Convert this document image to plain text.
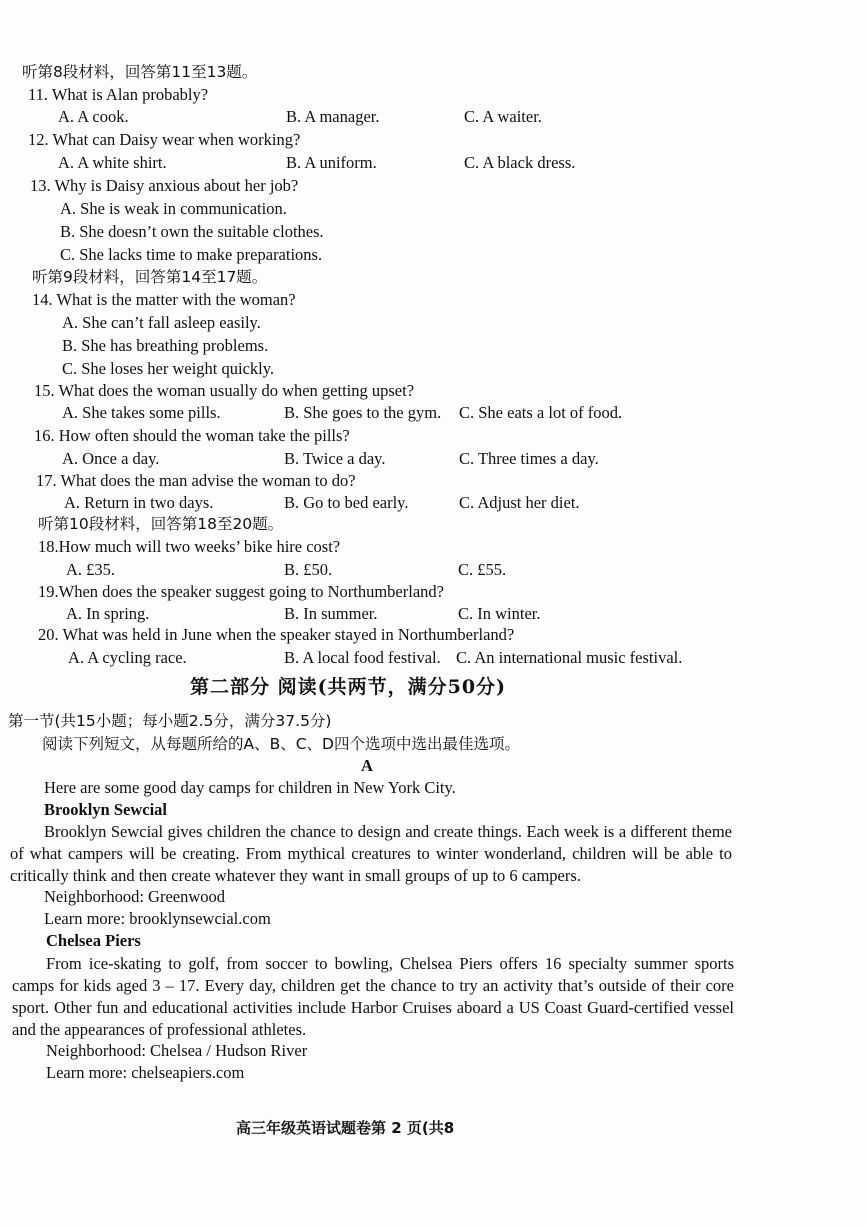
听第8段材料，回答第11至13题。
11. What is Alan probably?
A. A cook.	B. A manager.	C. A waiter.
12. What can Daisy wear when working?
A. A white shirt.	B. A uniform.	C. A black dress.
13. Why is Daisy anxious about her job?
A. She is weak in communication.
B. She doesn’t own the suitable clothes.
C. She lacks time to make preparations.
听第9段材料，回答第14至17题。
14. What is the matter with the woman?
A. She can’t fall asleep easily.
B. She has breathing problems.
C. She loses her weight quickly.
15. What does the woman usually do when getting upset?
A. She takes some pills.	B. She goes to the gym. C. She eats a lot of food.
16. How often should the woman take the pills?
A. Once a day.	B. Twice a day.	C. Three times a day.
17. What does the man advise the woman to do?
A. Return in two days.	B. Go to bed early.	C. Adjust her diet.
听第10段材料，回答第18至20题。
18.How much will two weeks’ bike hire cost?
A. £35.	B. £50.	C. £55.
19.When does the speaker suggest going to Northumberland?
A. In spring.	B. In summer.	C. In winter.
20. What was held in June when the speaker stayed in Northumberland?
A. A cycling race.	B. A local food festival. C. An international music festival.
第二部分 阅读(共两节，满分50分)
第一节(共15小题；每小题2.5分，满分37.5分)
阅读下列短文，从每题所给的A、B、C、D四个选项中选出最佳选项。
A
Here are some good day camps for children in New York City.
Brooklyn Sewcial
Brooklyn Sewcial gives children the chance to design and create things. Each week is a different theme of what campers will be creating. From mythical creatures to winter wonderland, children will be able to critically think and then create whatever they want in small groups of up to 6 campers.
Neighborhood: Greenwood
Learn more: brooklynsewcial.com
Chelsea Piers
From ice-skating to golf, from soccer to bowling, Chelsea Piers offers 16 specialty summer sports camps for kids aged 3 – 17. Every day, children get the chance to try an activity that’s outside of their core sport. Other fun and educational activities include Harbor Cruises aboard a US Coast Guard-certified vessel and the appearances of professional athletes.
Neighborhood: Chelsea / Hudson River
Learn more: chelseapiers.com
高三年级英语试题卷第 2 页(共8
